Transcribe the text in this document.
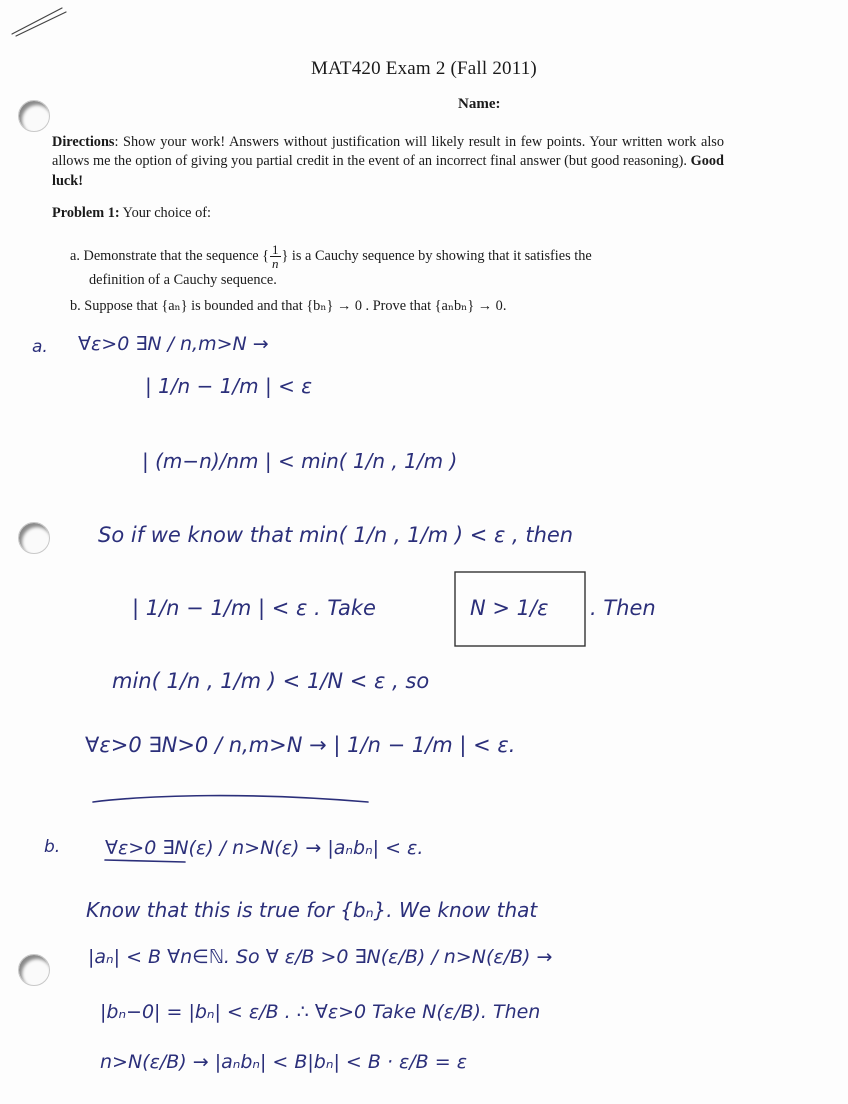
MAT420 Exam 2 (Fall 2011)
Name:
Directions: Show your work! Answers without justification will likely result in few points. Your written work also allows me the option of giving you partial credit in the event of an incorrect final answer (but good reasoning). Good luck!
Problem 1: Your choice of:
a. Demonstrate that the sequence { $\frac{1}{n}$ } is a Cauchy sequence by showing that it satisfies the
definition of a Cauchy sequence.
b. Suppose that {aₙ} is bounded and that {bₙ} → 0 . Prove that {aₙbₙ} → 0.
a. ∀ε>0 ∃N / n,m>N →
| 1/n − 1/m | < ε
| (m−n)/nm | < min( 1/n , 1/m )
So if we know that min( 1/n , 1/m ) < ε , then
| 1/n − 1/m | < ε . Take	N > 1/ε . Then
min( 1/n , 1/m ) < 1/N < ε , so
∀ε>0 ∃N>0 / n,m>N → | 1/n − 1/m | < ε.
b. ∀ε>0 ∃N(ε) / n>N(ε) → |aₙbₙ| < ε.
Know that this is true for {bₙ}. We know that
|aₙ| < B ∀n∈ℕ. So ∀ ε/B >0 ∃N(ε/B) / n>N(ε/B) →
|bₙ−0| = |bₙ| < ε/B . ∴ ∀ε>0 Take N(ε/B). Then
n>N(ε/B) → |aₙbₙ| < B|bₙ| < B · ε/B = ε
